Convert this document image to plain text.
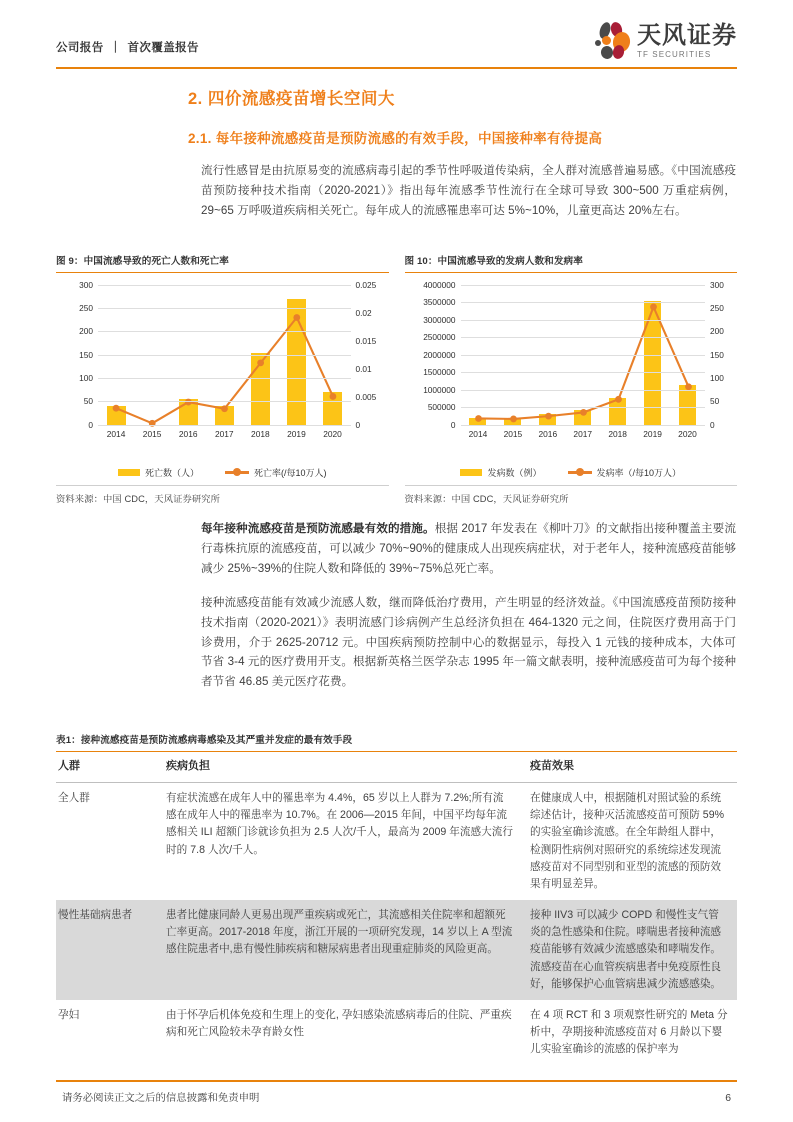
公司报告 ｜ 首次覆盖报告	天风证券
TF SECURITIES
2. 四价流感疫苗增长空间大
2.1. 每年接种流感疫苗是预防流感的有效手段，中国接种率有待提高

流行性感冒是由抗原易变的流感病毒引起的季节性呼吸道传染病，全人群对流感普遍易感。《中国流感疫苗预防接种技术指南（2020-2021）》指出每年流感季节性流行在全球可导致 300~500 万重症病例，29~65 万呼吸道疾病相关死亡。每年成人的流感罹患率可达 5%~10%，儿童更高达 20%左右。

图 9：中国流感导致的死亡人数和死亡率
2014	2015	2016	2017	2018	2019	2020
0
50
100
150
200
250
300
0
0.005
0.01
0.015
0.02
0.025
死亡数（人）	死亡率(/每10万人)
资料来源：中国 CDC，天风证券研究所
图 10：中国流感导致的发病人数和发病率
2014	2015	2016	2017	2018	2019	2020
0
500000
1000000
1500000
2000000
2500000
3000000
3500000
4000000
0
50
100
150
200
250
300
发病数（例）	发病率（/每10万人）
资料来源：中国 CDC，天风证券研究所

每年接种流感疫苗是预防流感最有效的措施。根据 2017 年发表在《柳叶刀》的文献指出接种覆盖主要流行毒株抗原的流感疫苗，可以减少 70%~90%的健康成人出现疾病症状，对于老年人，接种流感疫苗能够减少 25%~39%的住院人数和降低的 39%~75%总死亡率。

接种流感疫苗能有效减少流感人数，继而降低治疗费用，产生明显的经济效益。《中国流感疫苗预防接种技术指南（2020-2021）》表明流感门诊病例产生总经济负担在 464-1320 元之间，住院医疗费用高于门诊费用，介于 2625-20712 元。中国疾病预防控制中心的数据显示，每投入 1 元钱的接种成本，大体可节省 3-4 元的医疗费用开支。根据新英格兰医学杂志 1995 年一篇文献表明，接种流感疫苗可为每个接种者节省 46.85 美元医疗花费。

表1：接种流感疫苗是预防流感病毒感染及其严重并发症的最有效手段
人群	疾病负担	疫苗效果
全人群	有症状流感在成年人中的罹患率为 4.4%，65 岁以上人群为 7.2%;所有流感在成年人中的罹患率为 10.7%。在 2006—2015 年间，中国平均每年流感相关 ILI 超额门诊就诊负担为 2.5 人次/千人，最高为 2009 年流感大流行时的 7.8 人次/千人。	在健康成人中，根据随机对照试验的系统综述估计，接种灭活流感疫苗可预防 59%的实验室确诊流感。在全年龄组人群中，检测阴性病例对照研究的系统综述发现流感疫苗对不同型别和亚型的流感的预防效果有明显差异。
慢性基础病患者	患者比健康同龄人更易出现严重疾病或死亡，其流感相关住院率和超额死亡率更高。2017-2018 年度，浙江开展的一项研究发现，14 岁以上 A 型流感住院患者中,患有慢性肺疾病和糖尿病患者出现重症肺炎的风险更高。	接种 IIV3 可以减少 COPD 和慢性支气管炎的急性感染和住院。哮喘患者接种流感疫苗能够有效减少流感感染和哮喘发作。流感疫苗在心血管疾病患者中免疫原性良好，能够保护心血管病患减少流感感染。
孕妇	由于怀孕后机体免疫和生理上的变化, 孕妇感染流感病毒后的住院、严重疾病和死亡风险较未孕育龄女性	在 4 项 RCT 和 3 项观察性研究的 Meta 分析中，孕期接种流感疫苗对 6 月龄以下婴儿实验室确诊的流感的保护率为
请务必阅读正文之后的信息披露和免责申明	6
